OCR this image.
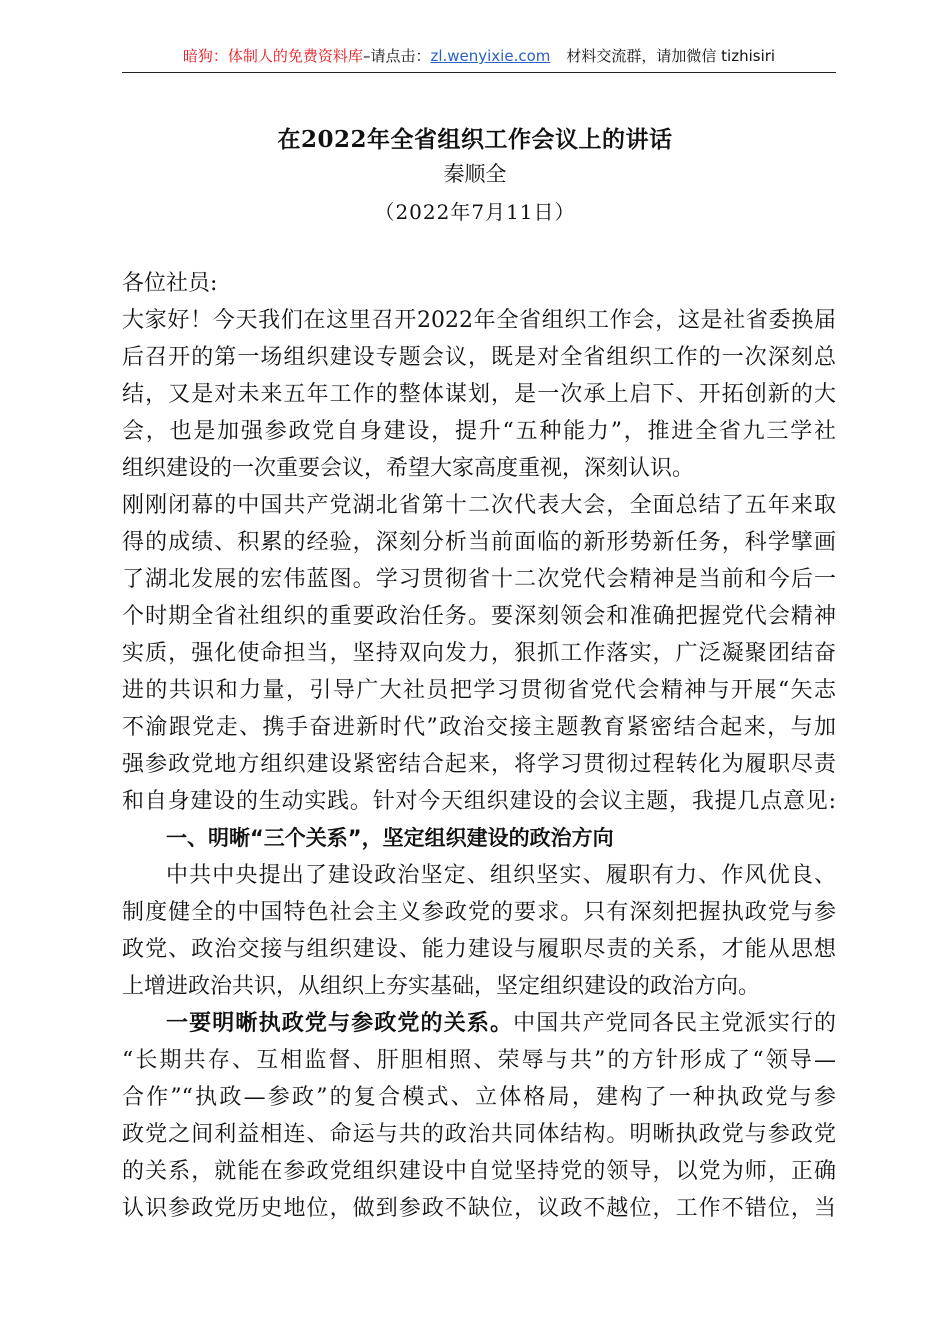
暗狗：体制人的免费资料库–请点击：zl.wenyixie.com 材料交流群，请加微信 tizhisiri
在2022年全省组织工作会议上的讲话
秦顺全
（2022年7月11日）
各位社员:
大家好！今天我们在这里召开2022年全省组织工作会，这是社省委换届
后召开的第一场组织建设专题会议，既是对全省组织工作的一次深刻总
结，又是对未来五年工作的整体谋划，是一次承上启下、开拓创新的大
会，也是加强参政党自身建设，提升“五种能力”，推进全省九三学社
组织建设的一次重要会议，希望大家高度重视，深刻认识。
刚刚闭幕的中国共产党湖北省第十二次代表大会，全面总结了五年来取
得的成绩、积累的经验，深刻分析当前面临的新形势新任务，科学擘画
了湖北发展的宏伟蓝图。学习贯彻省十二次党代会精神是当前和今后一
个时期全省社组织的重要政治任务。要深刻领会和准确把握党代会精神
实质，强化使命担当，坚持双向发力，狠抓工作落实，广泛凝聚团结奋
进的共识和力量，引导广大社员把学习贯彻省党代会精神与开展“矢志
不渝跟党走、携手奋进新时代”政治交接主题教育紧密结合起来，与加
强参政党地方组织建设紧密结合起来，将学习贯彻过程转化为履职尽责
和自身建设的生动实践。针对今天组织建设的会议主题，我提几点意见:
一、明晰“三个关系”，坚定组织建设的政治方向
中共中央提出了建设政治坚定、组织坚实、履职有力、作风优良、
制度健全的中国特色社会主义参政党的要求。只有深刻把握执政党与参
政党、政治交接与组织建设、能力建设与履职尽责的关系，才能从思想
上增进政治共识，从组织上夯实基础，坚定组织建设的政治方向。
一要明晰执政党与参政党的关系。中国共产党同各民主党派实行的
“长期共存、互相监督、肝胆相照、荣辱与共”的方针形成了“领导—
合作”“执政—参政”的复合模式、立体格局，建构了一种执政党与参
政党之间利益相连、命运与共的政治共同体结构。明晰执政党与参政党
的关系，就能在参政党组织建设中自觉坚持党的领导，以党为师，正确
认识参政党历史地位，做到参政不缺位，议政不越位，工作不错位，当
